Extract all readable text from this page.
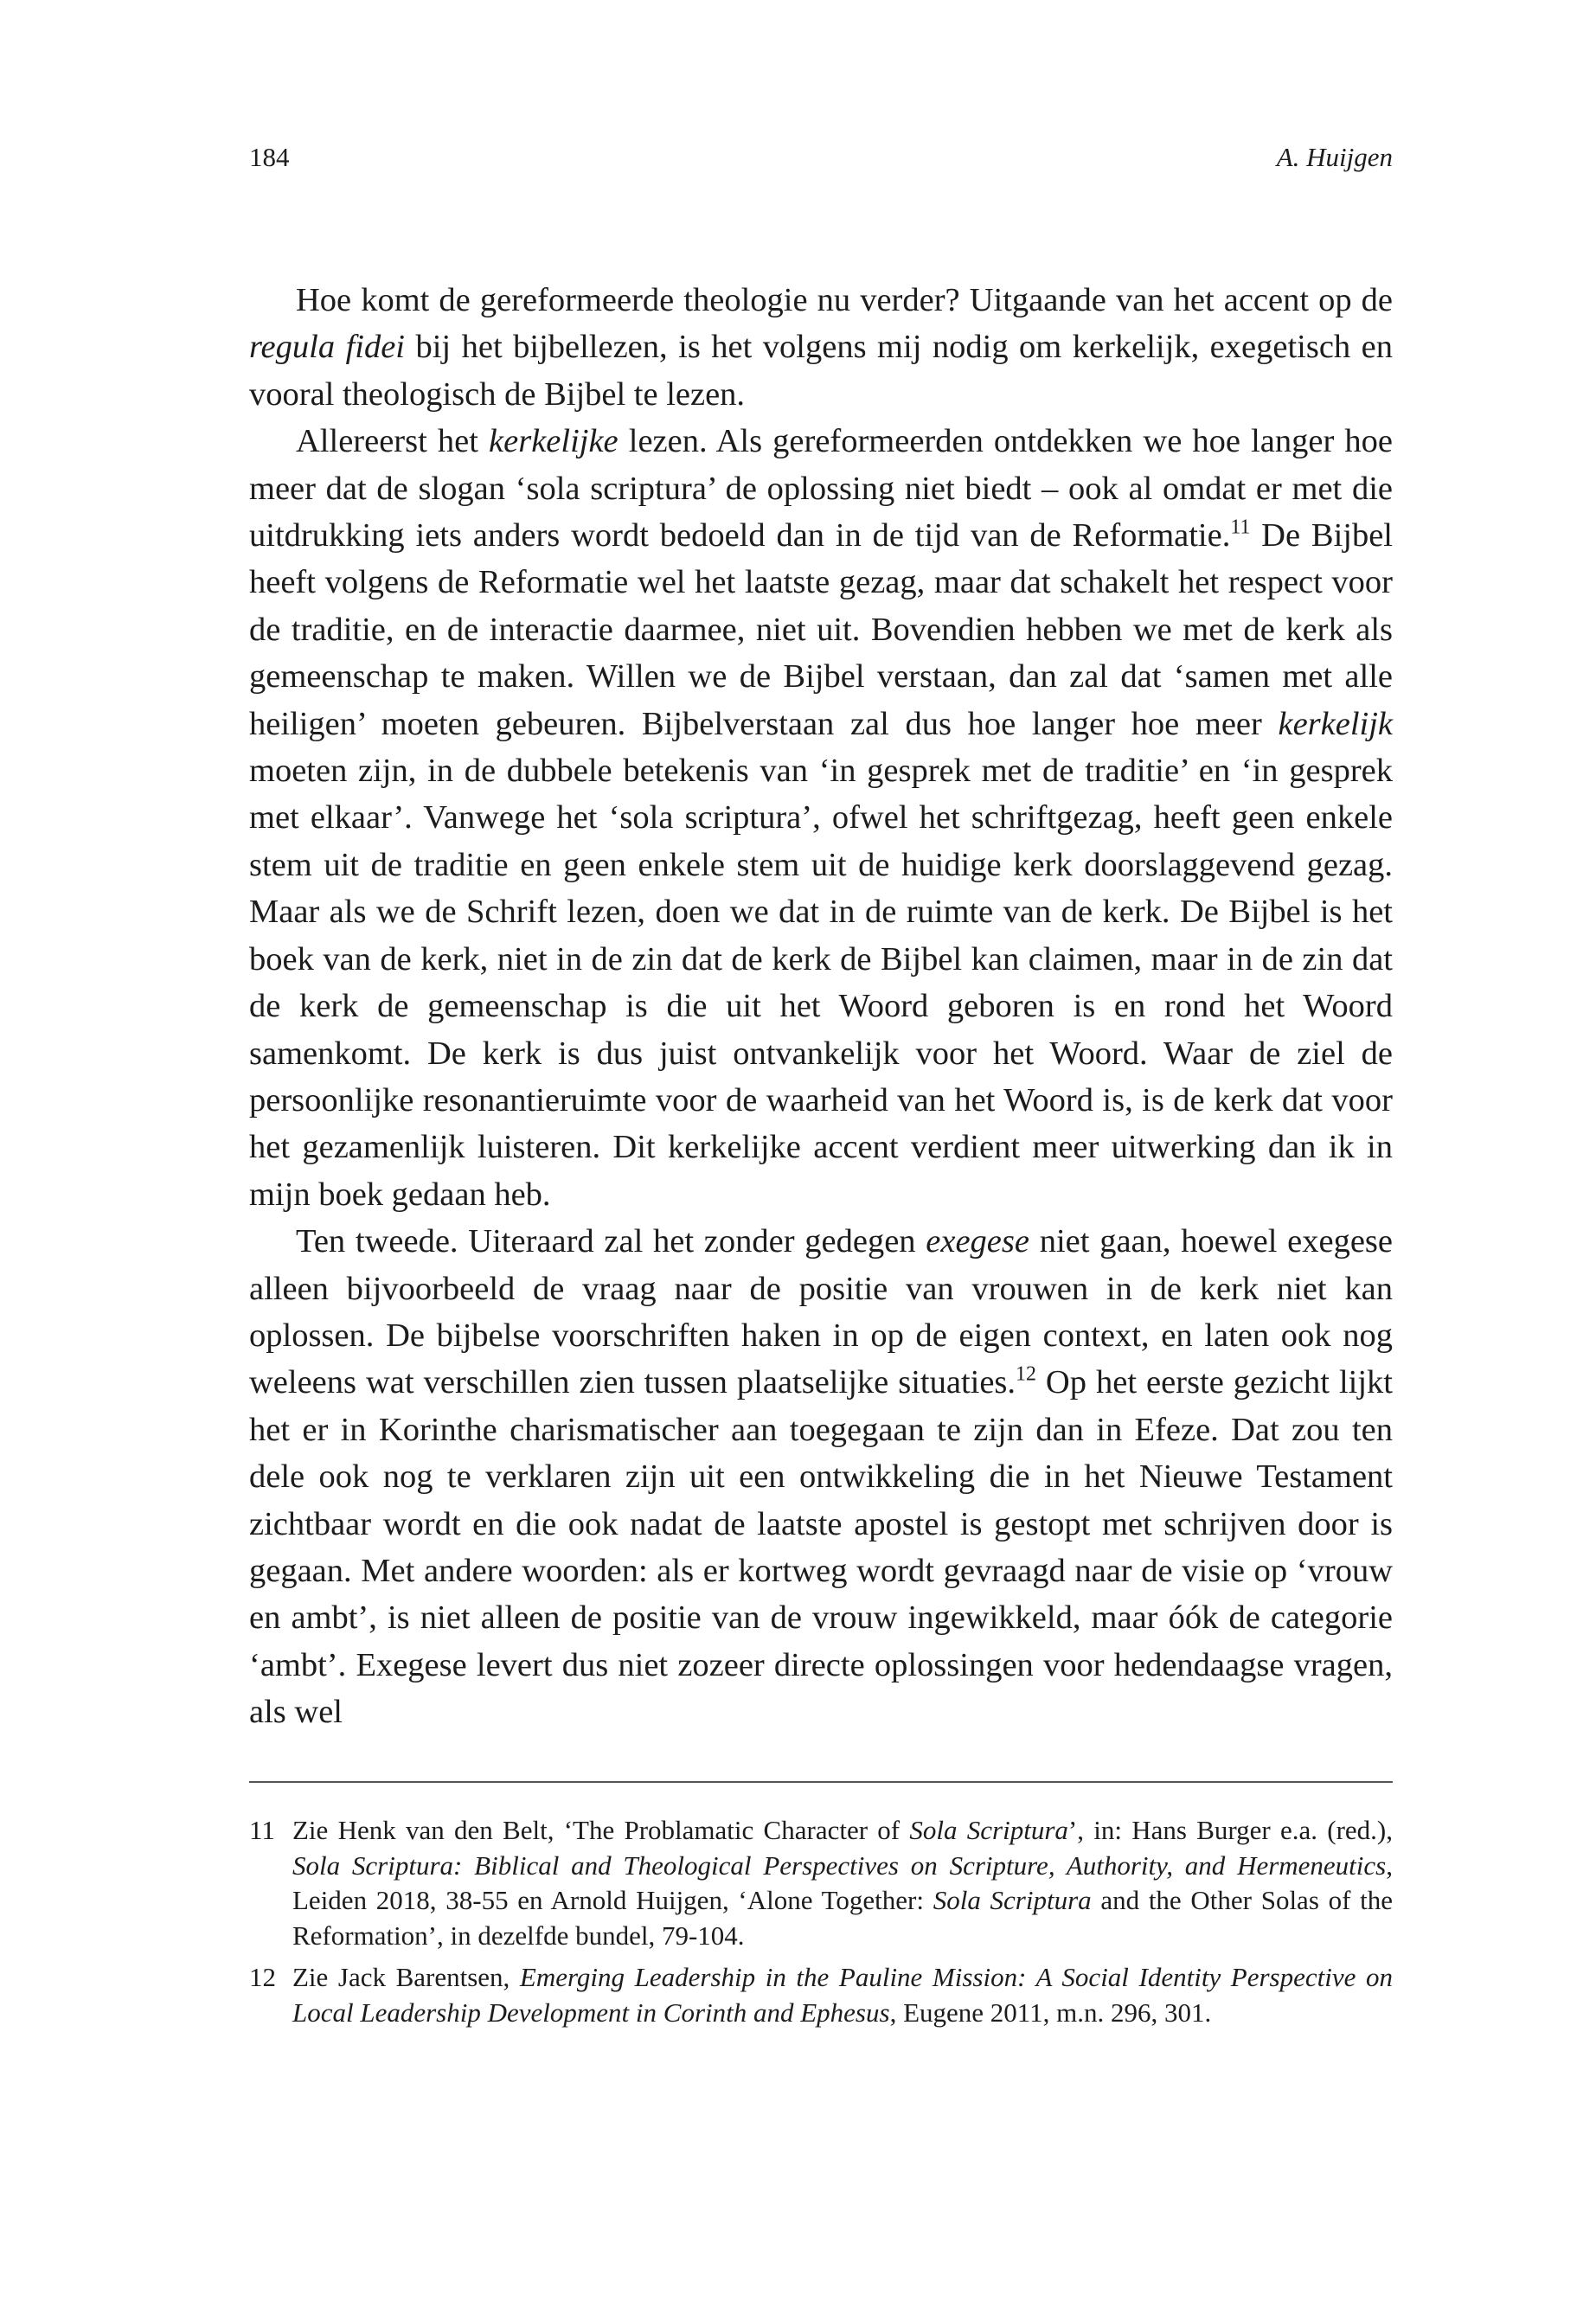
184	A. Huijgen

Hoe komt de gereformeerde theologie nu verder? Uitgaande van het accent op de regula fidei bij het bijbellezen, is het volgens mij nodig om kerkelijk, exegetisch en vooral theologisch de Bijbel te lezen.

Allereerst het kerkelijke lezen. Als gereformeerden ontdekken we hoe langer hoe meer dat de slogan ‘sola scriptura’ de oplossing niet biedt – ook al omdat er met die uitdrukking iets anders wordt bedoeld dan in de tijd van de Reformatie.$^{11}$ De Bijbel heeft volgens de Reformatie wel het laatste gezag, maar dat schakelt het respect voor de traditie, en de interactie daarmee, niet uit. Bovendien hebben we met de kerk als gemeenschap te maken. Willen we de Bijbel verstaan, dan zal dat ‘samen met alle heiligen’ moeten gebeuren. Bijbelverstaan zal dus hoe langer hoe meer kerkelijk moeten zijn, in de dubbele betekenis van ‘in gesprek met de traditie’ en ‘in gesprek met elkaar’. Vanwege het ‘sola scriptura’, ofwel het schriftgezag, heeft geen enkele stem uit de traditie en geen enkele stem uit de huidige kerk doorslaggevend gezag. Maar als we de Schrift lezen, doen we dat in de ruimte van de kerk. De Bijbel is het boek van de kerk, niet in de zin dat de kerk de Bijbel kan claimen, maar in de zin dat de kerk de gemeenschap is die uit het Woord geboren is en rond het Woord samenkomt. De kerk is dus juist ontvankelijk voor het Woord. Waar de ziel de persoonlijke resonantieruimte voor de waarheid van het Woord is, is de kerk dat voor het gezamenlijk luisteren. Dit kerkelijke accent verdient meer uitwerking dan ik in mijn boek gedaan heb.

Ten tweede. Uiteraard zal het zonder gedegen exegese niet gaan, hoewel exegese alleen bijvoorbeeld de vraag naar de positie van vrouwen in de kerk niet kan oplossen. De bijbelse voorschriften haken in op de eigen context, en laten ook nog weleens wat verschillen zien tussen plaatselijke situaties.$^{12}$ Op het eerste gezicht lijkt het er in Korinthe charismatischer aan toegegaan te zijn dan in Efeze. Dat zou ten dele ook nog te verklaren zijn uit een ontwikkeling die in het Nieuwe Testament zichtbaar wordt en die ook nadat de laatste apostel is gestopt met schrijven door is gegaan. Met andere woorden: als er kortweg wordt gevraagd naar de visie op ‘vrouw en ambt’, is niet alleen de positie van de vrouw ingewikkeld, maar óók de categorie ‘ambt’. Exegese levert dus niet zozeer directe oplossingen voor hedendaagse vragen, als wel

11 Zie Henk van den Belt, ‘The Problamatic Character of Sola Scriptura’, in: Hans Burger e.a. (red.), Sola Scriptura: Biblical and Theological Perspectives on Scripture, Authority, and Hermeneutics, Leiden 2018, 38-55 en Arnold Huijgen, ‘Alone Together: Sola Scriptura and the Other Solas of the Reformation’, in dezelfde bundel, 79-104.
12 Zie Jack Barentsen, Emerging Leadership in the Pauline Mission: A Social Identity Perspective on Local Leadership Development in Corinth and Ephesus, Eugene 2011, m.n. 296, 301.
